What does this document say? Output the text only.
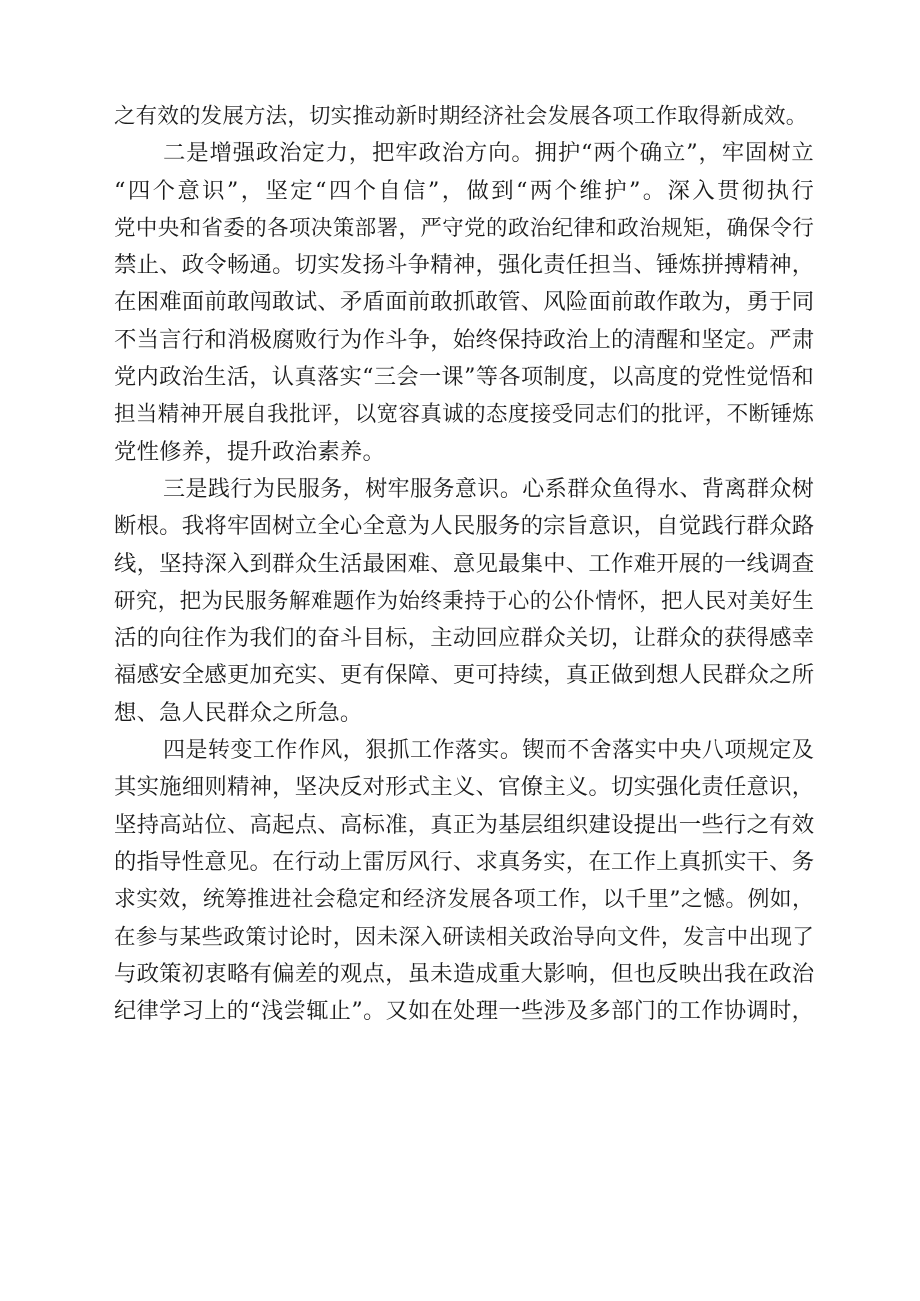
之有效的发展方法，切实推动新时期经济社会发展各项工作取得新成效。
二是增强政治定力，把牢政治方向。拥护“两个确立”，牢固树立
“四个意识”，坚定“四个自信”，做到“两个维护”。深入贯彻执行
党中央和省委的各项决策部署，严守党的政治纪律和政治规矩，确保令行
禁止、政令畅通。切实发扬斗争精神，强化责任担当、锤炼拼搏精神，
在困难面前敢闯敢试、矛盾面前敢抓敢管、风险面前敢作敢为，勇于同
不当言行和消极腐败行为作斗争，始终保持政治上的清醒和坚定。严肃
党内政治生活，认真落实“三会一课”等各项制度，以高度的党性觉悟和
担当精神开展自我批评，以宽容真诚的态度接受同志们的批评，不断锤炼
党性修养，提升政治素养。
三是践行为民服务，树牢服务意识。心系群众鱼得水、背离群众树
断根。我将牢固树立全心全意为人民服务的宗旨意识，自觉践行群众路
线，坚持深入到群众生活最困难、意见最集中、工作难开展的一线调查
研究，把为民服务解难题作为始终秉持于心的公仆情怀，把人民对美好生
活的向往作为我们的奋斗目标，主动回应群众关切，让群众的获得感幸
福感安全感更加充实、更有保障、更可持续，真正做到想人民群众之所
想、急人民群众之所急。
四是转变工作作风，狠抓工作落实。锲而不舍落实中央八项规定及
其实施细则精神，坚决反对形式主义、官僚主义。切实强化责任意识，
坚持高站位、高起点、高标准，真正为基层组织建设提出一些行之有效
的指导性意见。在行动上雷厉风行、求真务实，在工作上真抓实干、务
求实效，统筹推进社会稳定和经济发展各项工作，以千里”之憾。例如，
在参与某些政策讨论时，因未深入研读相关政治导向文件，发言中出现了
与政策初衷略有偏差的观点，虽未造成重大影响，但也反映出我在政治
纪律学习上的“浅尝辄止”。又如在处理一些涉及多部门的工作协调时，
